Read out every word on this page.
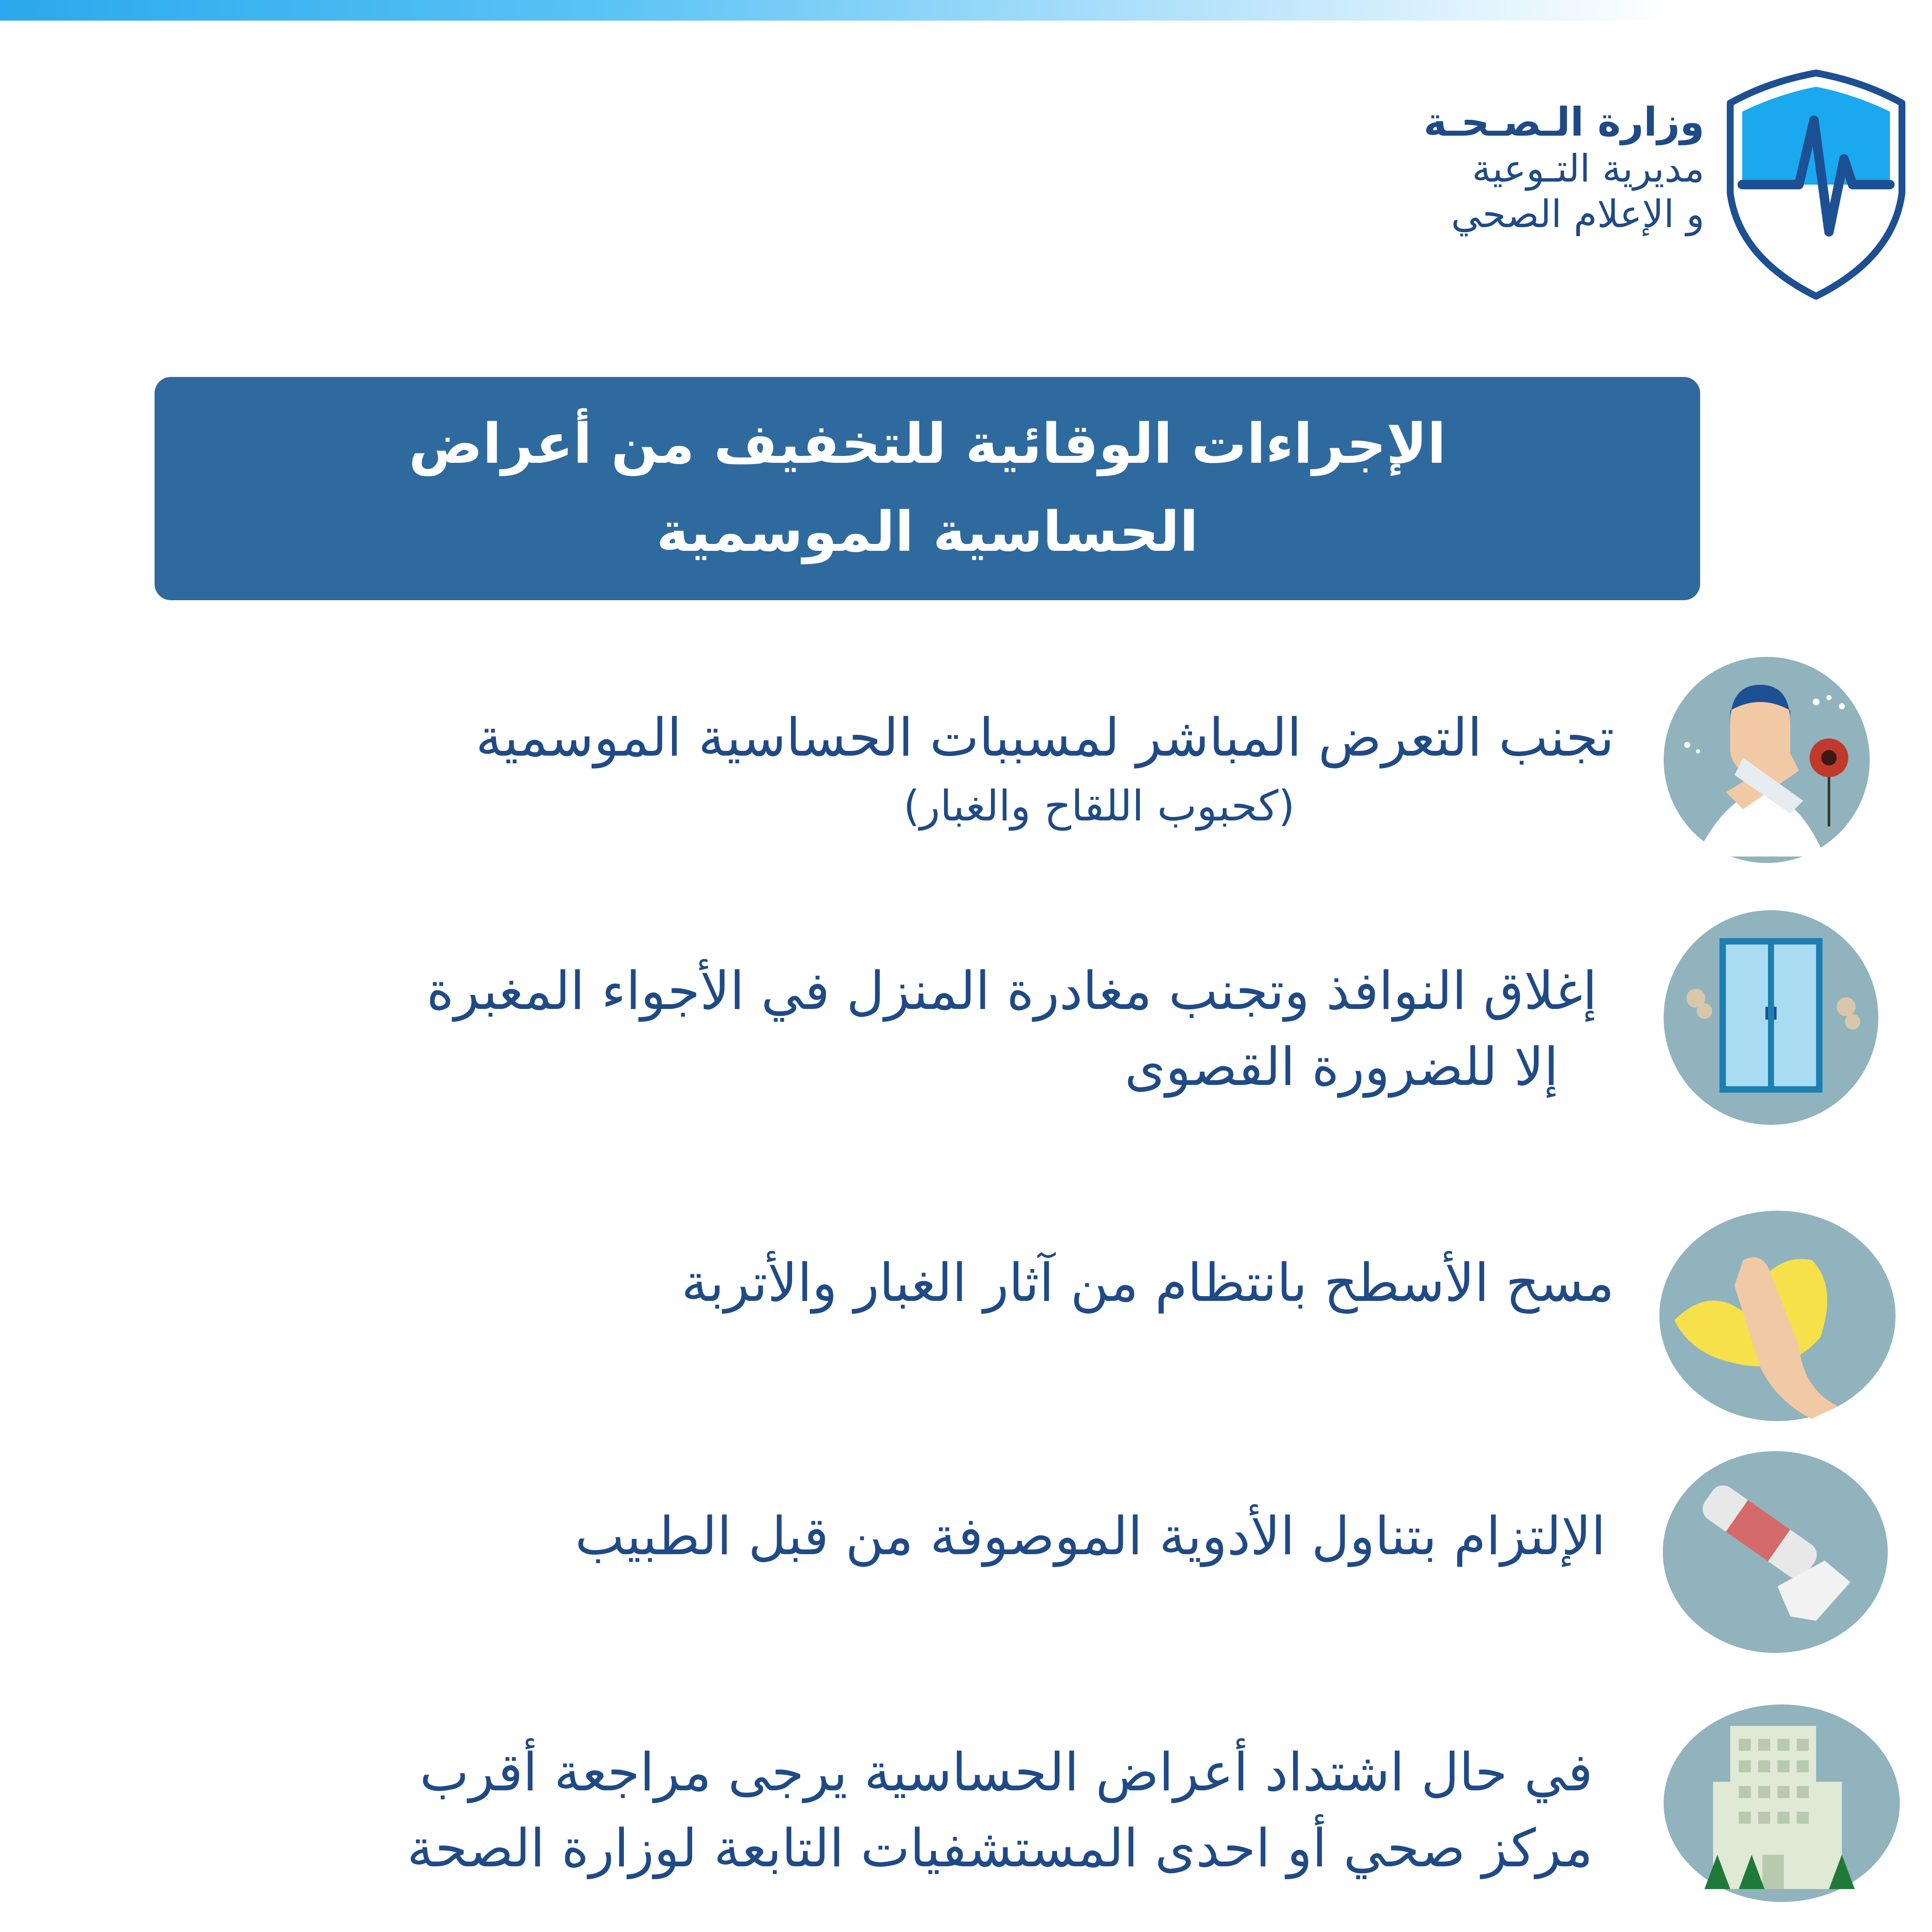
وزارة الـصـحـة
مديرية التـوعية
و الإعلام الصحي
الإجراءات الوقائية للتخفيف من أعراض
الحساسية الموسمية
تجنب التعرض المباشر لمسببات الحساسية الموسمية
(كحبوب اللقاح والغبار)
إغلاق النوافذ وتجنب مغادرة المنزل في الأجواء المغبرة
إلا للضرورة القصوى
مسح الأسطح بانتظام من آثار الغبار والأتربة
الإلتزام بتناول الأدوية الموصوفة من قبل الطبيب
في حال اشتداد أعراض الحساسية يرجى مراجعة أقرب
مركز صحي أو احدى المستشفيات التابعة لوزارة الصحة
